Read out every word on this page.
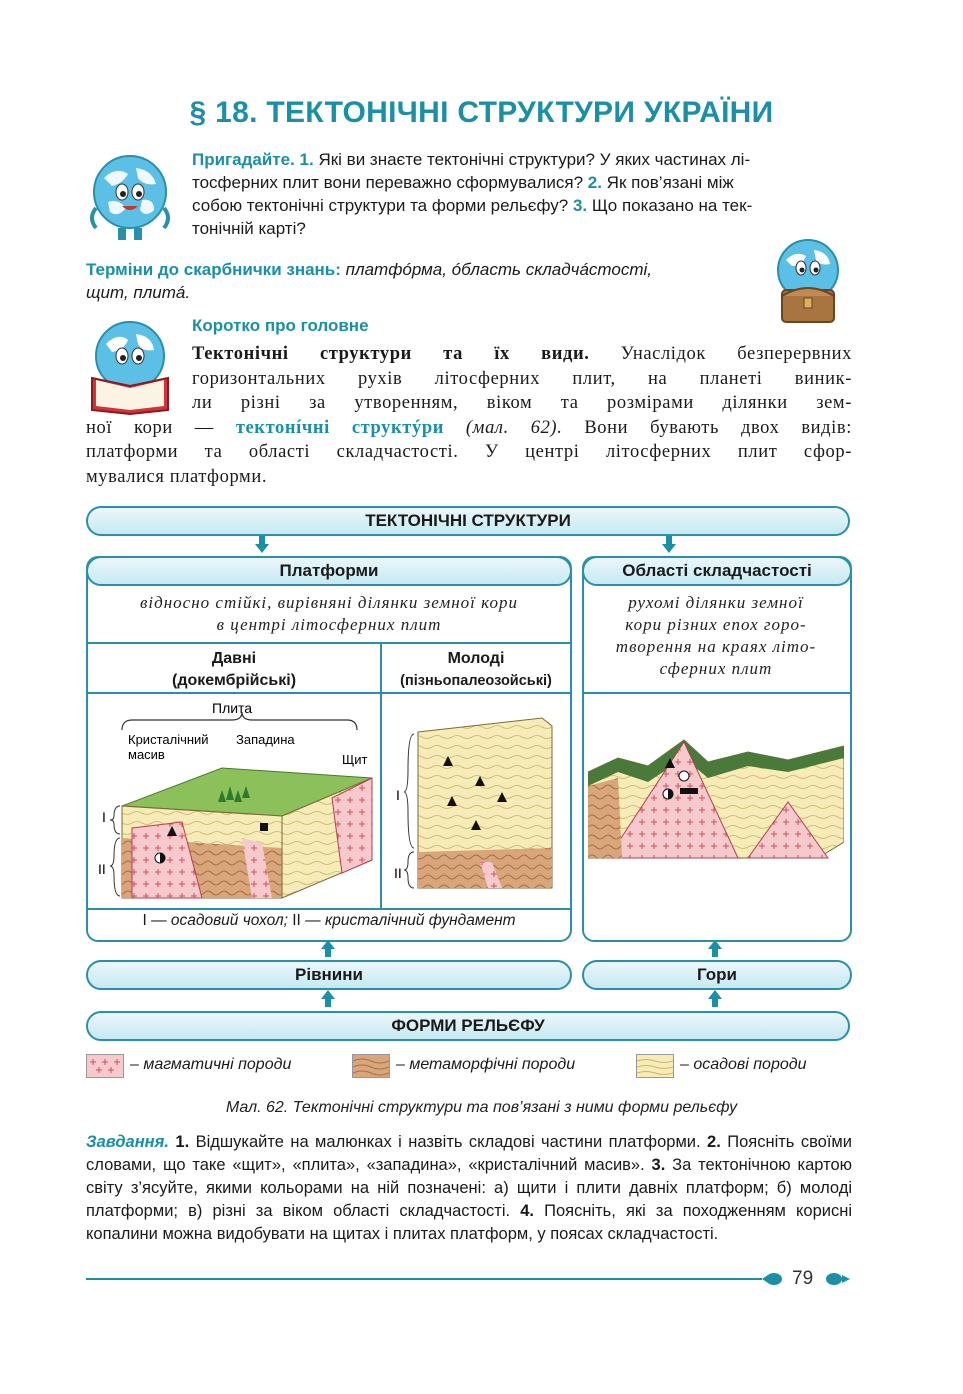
§ 18. ТЕКТОНІЧНІ СТРУКТУРИ УКРАЇНИ
Пригадайте. 1. Які ви знаєте тектонічні структури? У яких частинах лі-
тосферних плит вони переважно сформувалися? 2. Як пов’язані між
собою тектонічні структури та форми рельєфу? 3. Що показано на тек-
тонічній карті?
Терміни до скарбнички знань: платфóрма, óбласть складчáстості,
щит, плитá.
Коротко про головне
Тектонічні структури та їх види. Унаслідок безперервних
горизонтальних рухів літосферних плит, на планеті виник-
ли різні за утворенням, віком та розмірами ділянки зем-
ної кори — тектонíчні структýри (мал. 62). Вони бувають двох видів:
платформи та області складчастості. У центрі літосферних плит сфор-
мувалися платформи.
ТЕКТОНІЧНІ СТРУКТУРИ
Платформи
відносно стійкі, вирівняні ділянки земної кори
в центрі літосферних плит
Давні
(докембрійські)
Молоді
(пізньопалеозойські)
Плита
Кристалічний
масив
Западина
Щит
I
II
I
II
I — осадовий чохол; II — кристалічний фундамент
Області складчастості
рухомі ділянки земної
кори різних епох горо-
творення на краях літо-
сферних плит
Рівнини	Гори
ФОРМИ РЕЛЬЄФУ
– магматичні породи	– метаморфічні породи	– осадові породи
Мал. 62. Тектонічні структури та пов’язані з ними форми рельєфу
Завдання. 1. Відшукайте на малюнках і назвіть складові частини платформи. 2. Поясніть своїми словами, що таке «щит», «плита», «западина», «кристалічний масив». 3. За тектонічною картою світу з’ясуйте, якими кольорами на ній позначені: а) щити і плити давніх платформ; б) молоді платформи; в) різні за віком області складчастості. 4. Поясніть, які за походженням корисні копалини можна видобувати на щитах і плитах платформ, у поясах складчастості.
79
